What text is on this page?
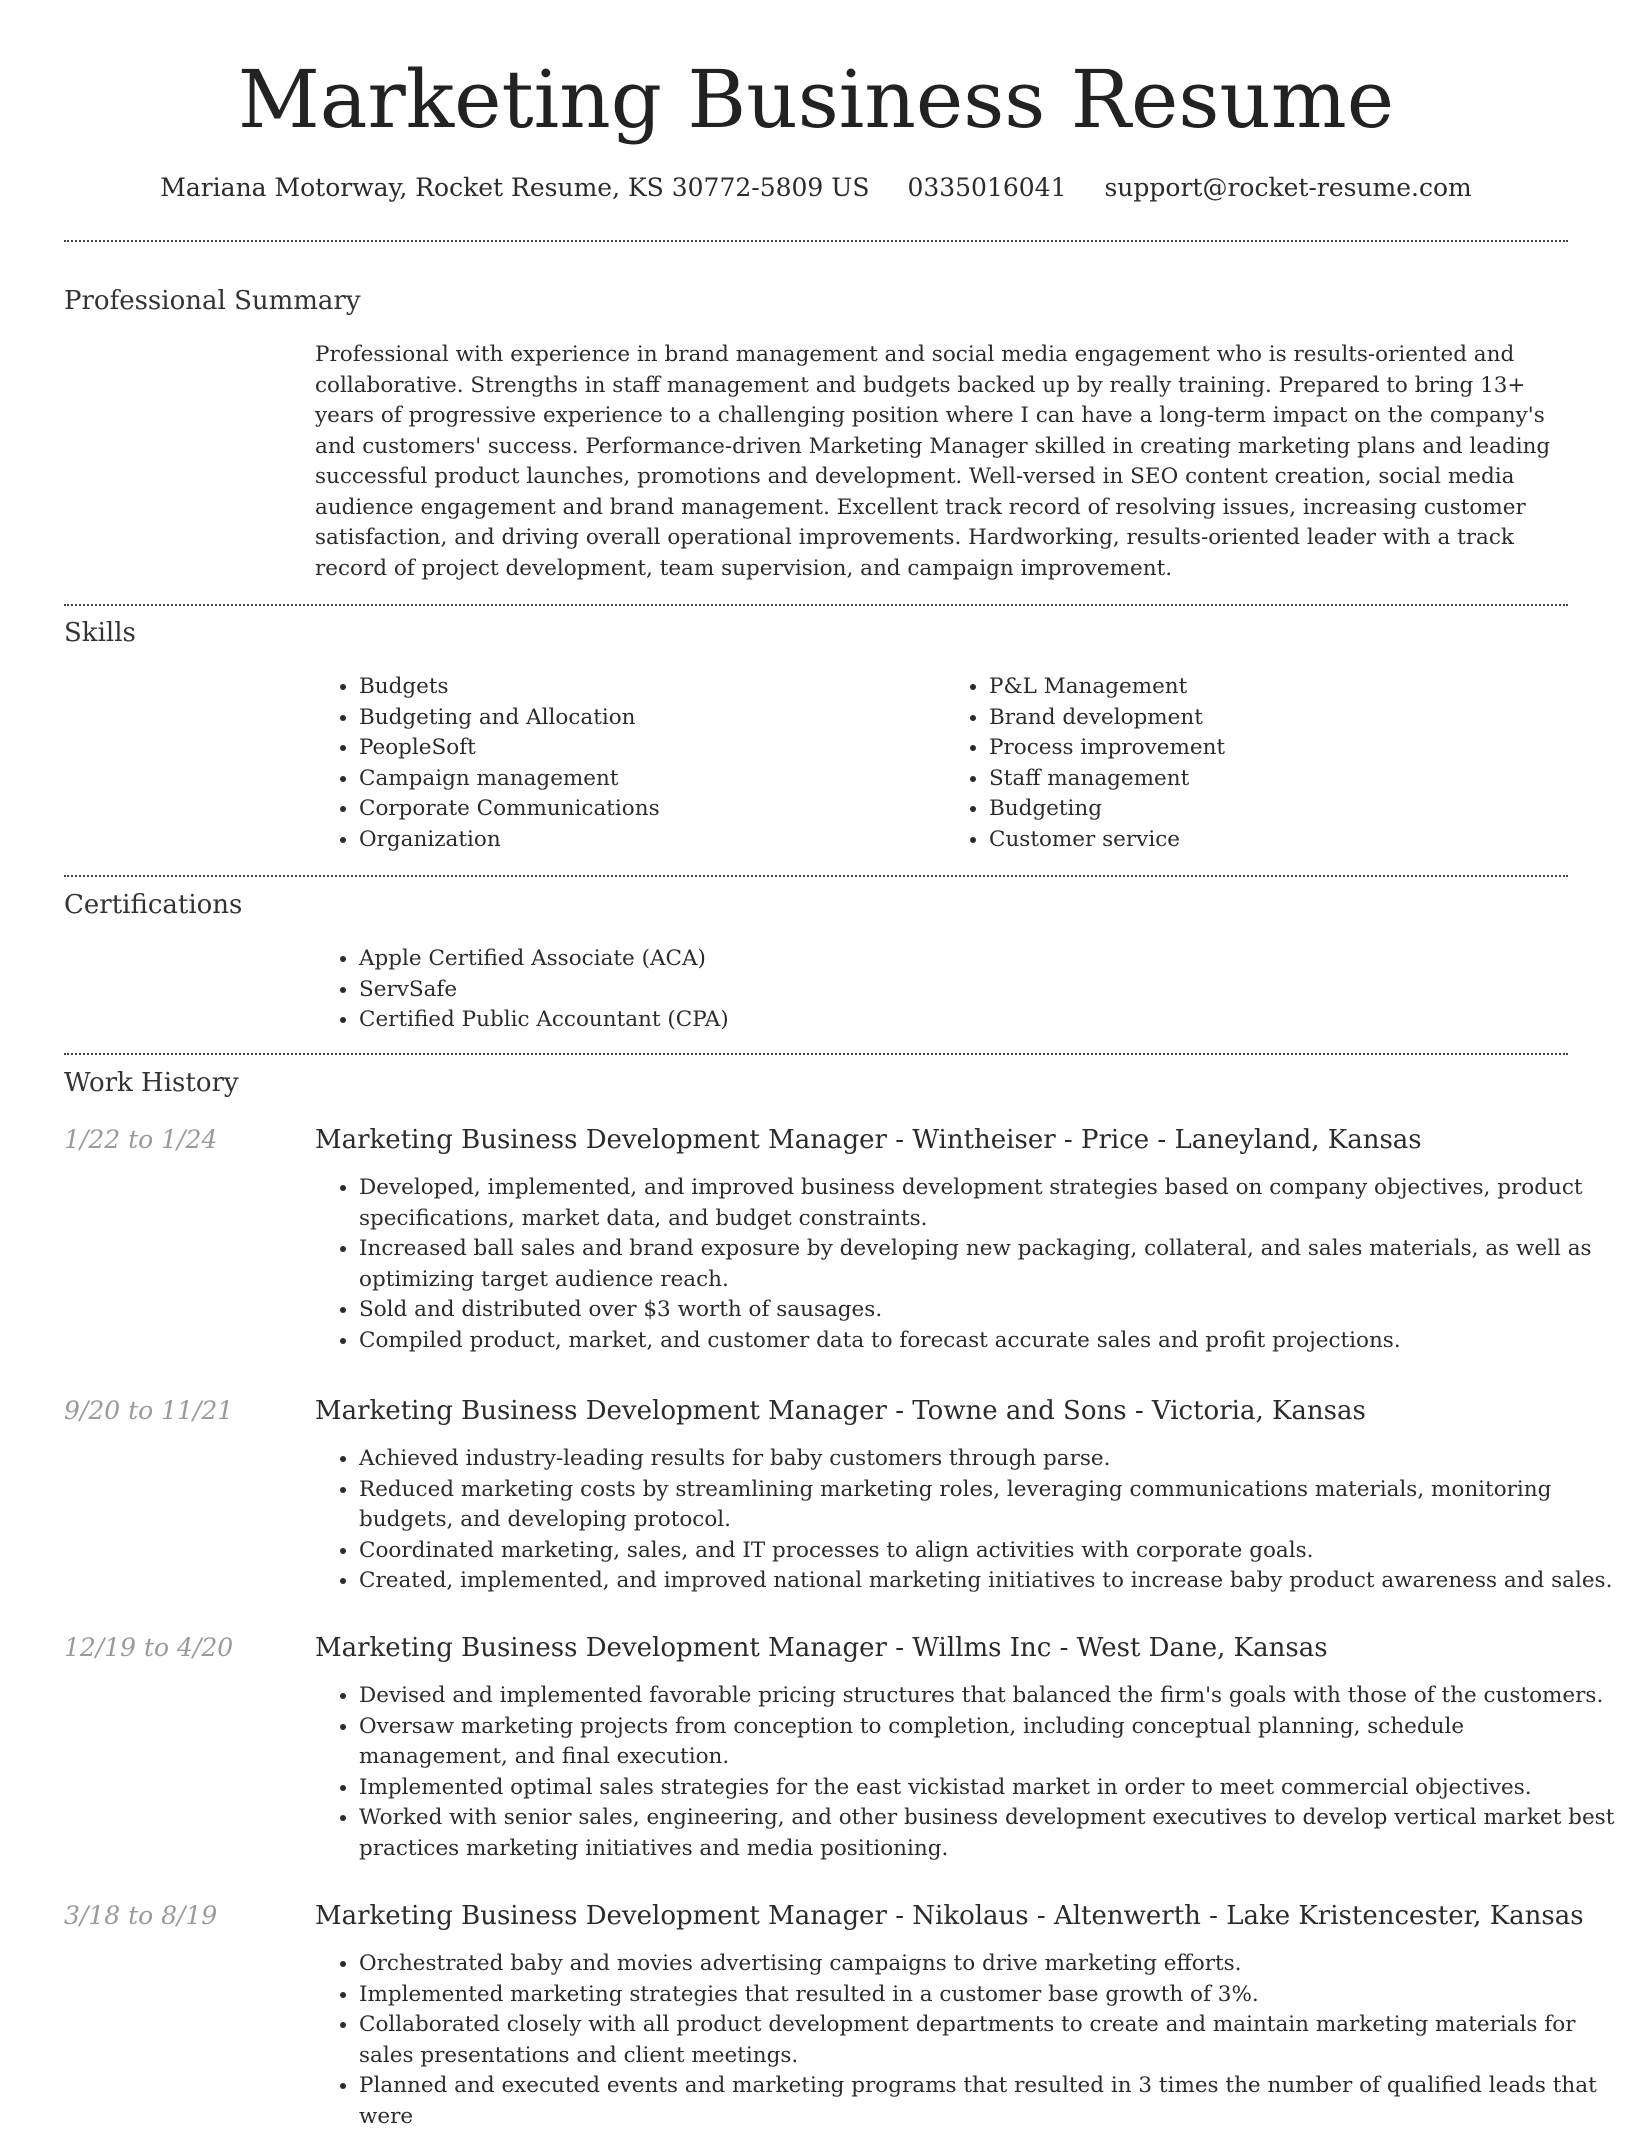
Marketing Business Resume
Mariana Motorway, Rocket Resume, KS 30772-5809 US 0335016041 support@rocket-resume.com
Professional Summary
Professional with experience in brand management and social media engagement who is results-oriented and collaborative. Strengths in staff management and budgets backed up by really training. Prepared to bring 13+ years of progressive experience to a challenging position where I can have a long-term impact on the company's and customers' success. Performance-driven Marketing Manager skilled in creating marketing plans and leading successful product launches, promotions and development. Well-versed in SEO content creation, social media audience engagement and brand management. Excellent track record of resolving issues, increasing customer satisfaction, and driving overall operational improvements. Hardworking, results-oriented leader with a track record of project development, team supervision, and campaign improvement.
Skills
• Budgets
• Budgeting and Allocation
• PeopleSoft
• Campaign management
• Corporate Communications
• Organization
• P&L Management
• Brand development
• Process improvement
• Staff management
• Budgeting
• Customer service
Certifications
• Apple Certified Associate (ACA)
• ServSafe
• Certified Public Accountant (CPA)
Work History
1/22 to 1/24	Marketing Business Development Manager - Wintheiser - Price - Laneyland, Kansas
• Developed, implemented, and improved business development strategies based on company objectives, product specifications, market data, and budget constraints.
• Increased ball sales and brand exposure by developing new packaging, collateral, and sales materials, as well as optimizing target audience reach.
• Sold and distributed over $3 worth of sausages.
• Compiled product, market, and customer data to forecast accurate sales and profit projections.
9/20 to 11/21	Marketing Business Development Manager - Towne and Sons - Victoria, Kansas
• Achieved industry-leading results for baby customers through parse.
• Reduced marketing costs by streamlining marketing roles, leveraging communications materials, monitoring budgets, and developing protocol.
• Coordinated marketing, sales, and IT processes to align activities with corporate goals.
• Created, implemented, and improved national marketing initiatives to increase baby product awareness and sales.
12/19 to 4/20	Marketing Business Development Manager - Willms Inc - West Dane, Kansas
• Devised and implemented favorable pricing structures that balanced the firm's goals with those of the customers.
• Oversaw marketing projects from conception to completion, including conceptual planning, schedule management, and final execution.
• Implemented optimal sales strategies for the east vickistad market in order to meet commercial objectives.
• Worked with senior sales, engineering, and other business development executives to develop vertical market best practices marketing initiatives and media positioning.
3/18 to 8/19	Marketing Business Development Manager - Nikolaus - Altenwerth - Lake Kristencester, Kansas
• Orchestrated baby and movies advertising campaigns to drive marketing efforts.
• Implemented marketing strategies that resulted in a customer base growth of 3%.
• Collaborated closely with all product development departments to create and maintain marketing materials for sales presentations and client meetings.
• Planned and executed events and marketing programs that resulted in 3 times the number of qualified leads that were
